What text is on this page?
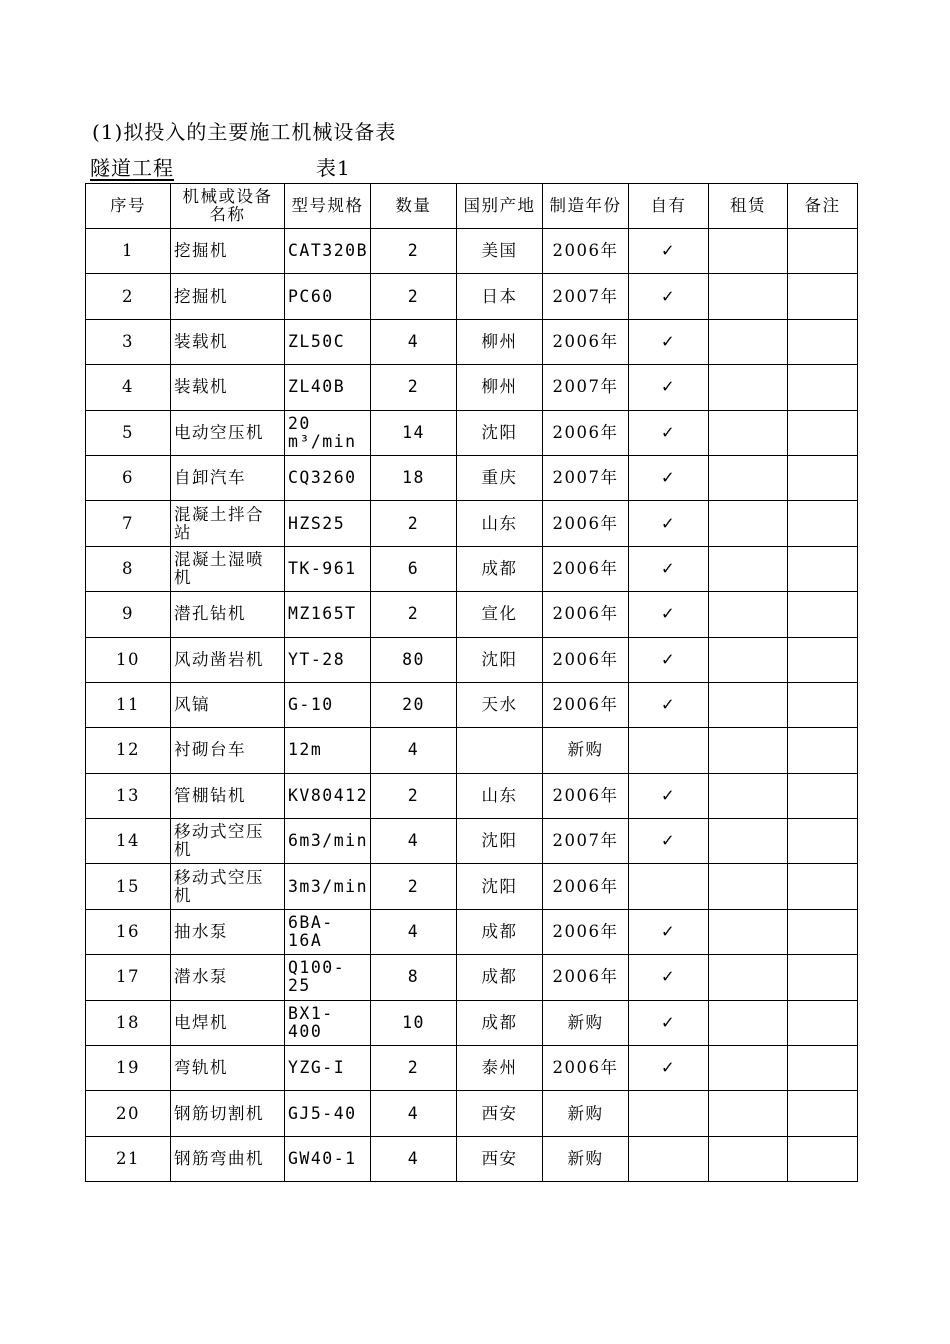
(1)拟投入的主要施工机械设备表
隧道工程	表1
序号	机械或设备名称	型号规格	数量	国别产地	制造年份	自有	租赁	备注
1	挖掘机	CAT320B	2	美国	2006年	✓		
2	挖掘机	PC60	2	日本	2007年	✓		
3	装载机	ZL50C	4	柳州	2006年	✓		
4	装载机	ZL40B	2	柳州	2007年	✓		
5	电动空压机	20 m³/min	14	沈阳	2006年	✓		
6	自卸汽车	CQ3260	18	重庆	2007年	✓		
7	混凝土拌合站	HZS25	2	山东	2006年	✓		
8	混凝土湿喷机	TK-961	6	成都	2006年	✓		
9	潜孔钻机	MZ165T	2	宣化	2006年	✓		
10	风动凿岩机	YT-28	80	沈阳	2006年	✓		
11	风镐	G-10	20	天水	2006年	✓		
12	衬砌台车	12m	4		新购			
13	管棚钻机	KV80412	2	山东	2006年	✓		
14	移动式空压机	6m3/min	4	沈阳	2007年	✓		
15	移动式空压机	3m3/min	2	沈阳	2006年			
16	抽水泵	6BA-16A	4	成都	2006年	✓		
17	潜水泵	Q100-25	8	成都	2006年	✓		
18	电焊机	BX1-400	10	成都	新购	✓		
19	弯轨机	YZG-I	2	泰州	2006年	✓		
20	钢筋切割机	GJ5-40	4	西安	新购			
21	钢筋弯曲机	GW40-1	4	西安	新购			
